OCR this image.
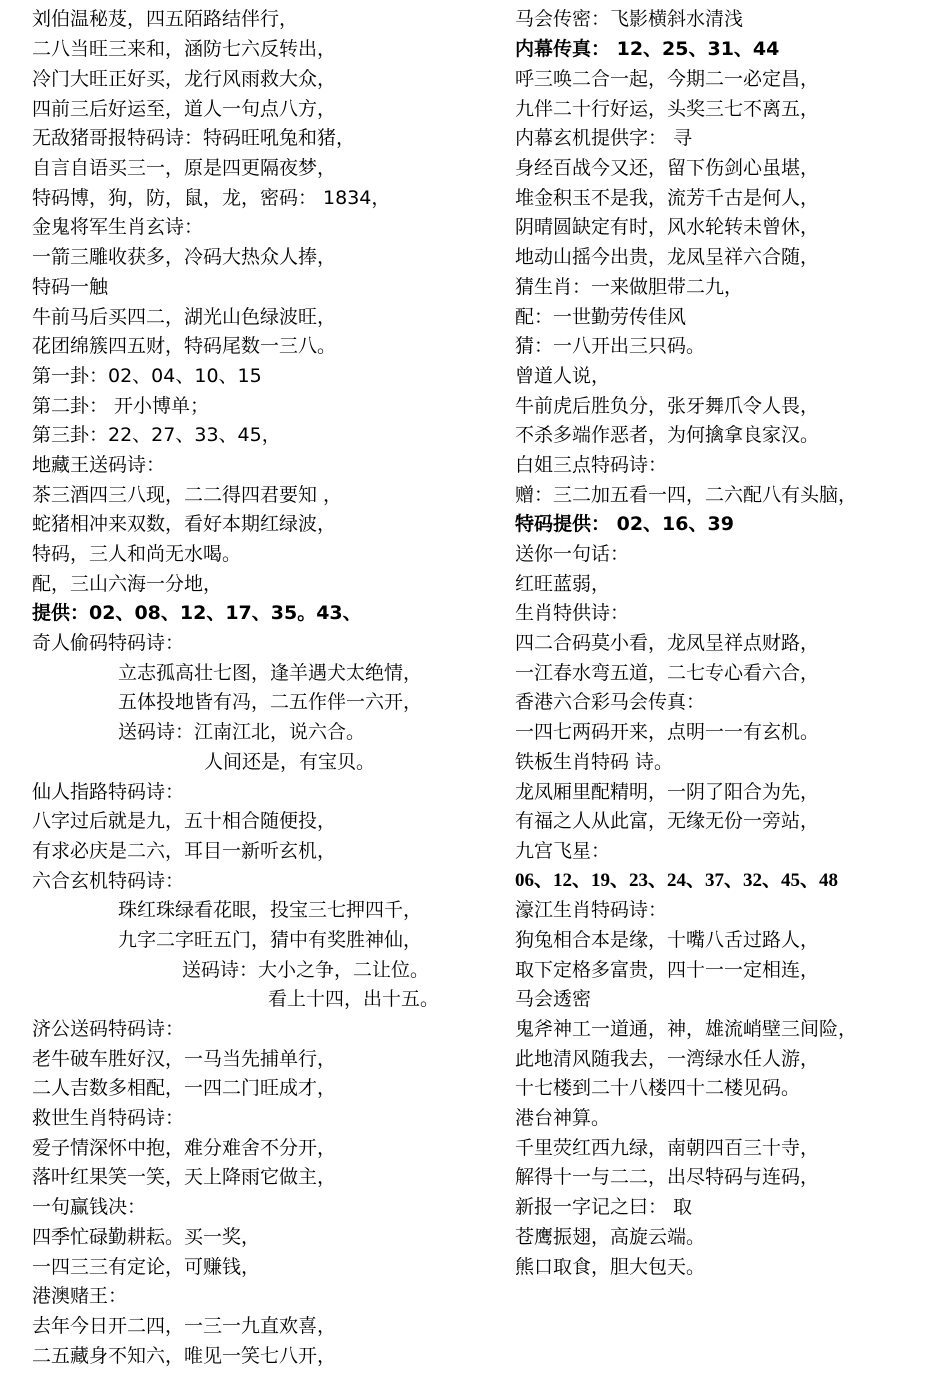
刘伯温秘芨，四五陌路结伴行，
二八当旺三来和，涵防七六反转出，
冷门大旺正好买，龙行风雨救大众，
四前三后好运至，道人一句点八方，
无敌猪哥报特码诗：特码旺吼兔和猪，
自言自语买三一，原是四更隔夜梦，
特码博，狗，防，鼠，龙，密码： 1834，
金鬼将军生肖玄诗：
一箭三雕收获多，冷码大热众人捧，
特码一触
牛前马后买四二，湖光山色绿波旺，
花团绵簇四五财，特码尾数一三八。
第一卦：02、04、10、15
第二卦： 开小博单；
第三卦：22、27、33、45，
地藏王送码诗：
茶三酒四三八现，二二得四君要知 ，
蛇猪相冲来双数，看好本期红绿波，
特码，三人和尚无水喝。
配，三山六海一分地，
提供：02、08、12、17、35。43、
奇人偷码特码诗：
立志孤高壮七图，逢羊遇犬太绝情，
五体投地皆有冯，二五作伴一六开，
送码诗：江南江北，说六合。
人间还是，有宝贝。
仙人指路特码诗：
八字过后就是九，五十相合随便投，
有求必庆是二六，耳目一新听玄机，
六合玄机特码诗：
珠红珠绿看花眼，投宝三七押四千，
九字二字旺五门，猜中有奖胜神仙，
送码诗：大小之争，二让位。
看上十四，出十五。
济公送码特码诗：
老牛破车胜好汉，一马当先捕单行，
二人吉数多相配，一四二门旺成才，
救世生肖特码诗：
爱子情深怀中抱，难分难舍不分开，
落叶红果笑一笑，天上降雨它做主，
一句赢钱决：
四季忙碌勤耕耘。买一奖，
一四三三有定论，可赚钱，
港澳赌王：
去年今日开二四，一三一九直欢喜，
二五藏身不知六，唯见一笑七八开，
马会传密：飞影横斜水清浅
内幕传真： 12、25、31、44
呼三唤二合一起，今期二一必定昌，
九伴二十行好运，头奖三七不离五，
内幕玄机提供字： 寻
身经百战今又还，留下伤剑心虽堪，
堆金积玉不是我，流芳千古是何人，
阴晴圆缺定有时，风水轮转未曾休，
地动山摇今出贵，龙凤呈祥六合随，
猜生肖：一来做胆带二九，
配：一世勤劳传佳风
猜：一八开出三只码。
曾道人说，
牛前虎后胜负分，张牙舞爪令人畏，
不杀多端作恶者，为何擒拿良家汉。
白姐三点特码诗：
赠：三二加五看一四，二六配八有头脑，
特码提供： 02、16、39
送你一句话：
红旺蓝弱，
生肖特供诗：
四二合码莫小看，龙凤呈祥点财路，
一江春水弯五道，二七专心看六合，
香港六合彩马会传真：
一四七两码开来，点明一一有玄机。
铁板生肖特码 诗。
龙凤厢里配精明，一阴了阳合为先，
有福之人从此富，无缘无份一旁站，
九宫飞星：
06、12、19、23、24、37、32、45、48
濠江生肖特码诗：
狗兔相合本是缘，十嘴八舌过路人，
取下定格多富贵，四十一一定相连，
马会透密
鬼斧神工一道通，神，雄流峭壁三间险，
此地清风随我去，一湾绿水任人游，
十七楼到二十八楼四十二楼见码。
港台神算。
千里荧红西九绿，南朝四百三十寺，
解得十一与二二，出尽特码与连码，
新报一字记之曰： 取
苍鹰振翅，高旋云端。
熊口取食，胆大包天。
